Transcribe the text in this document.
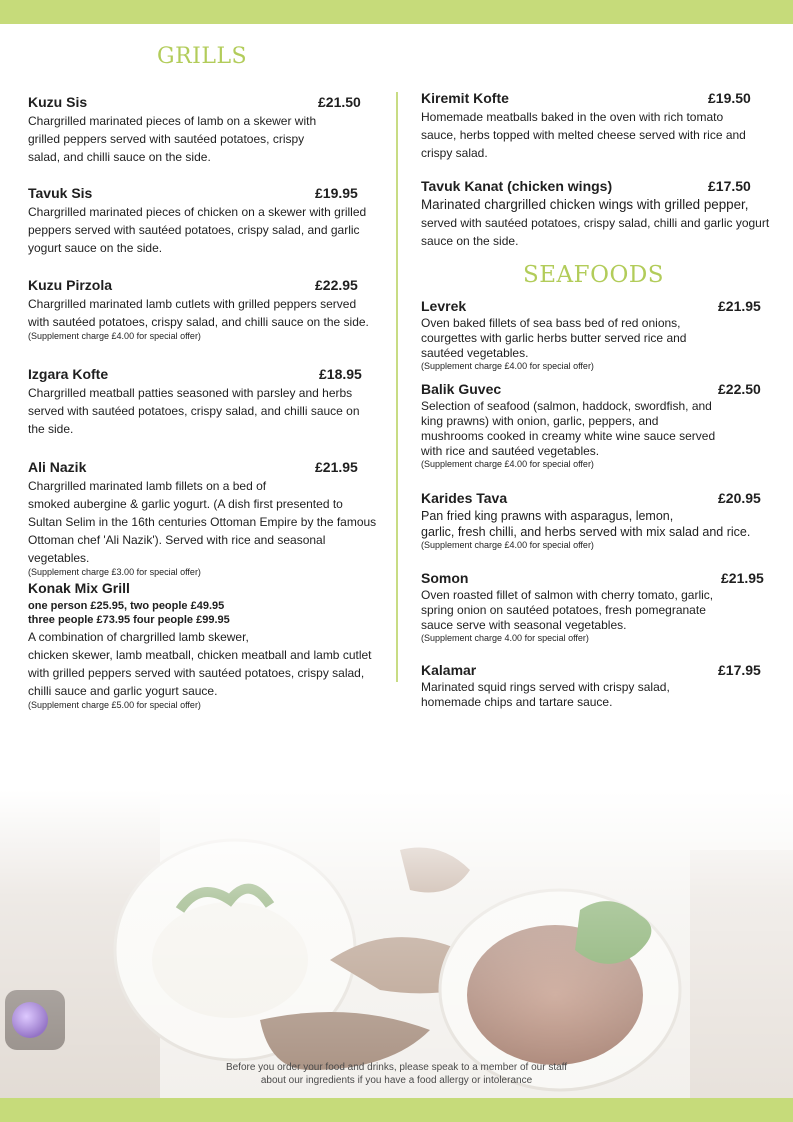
GRILLS
Kuzu Sis	£21.50
Chargrilled marinated pieces of lamb on a skewer with
grilled peppers served with sautéed potatoes, crispy
salad, and chilli sauce on the side.
Tavuk Sis	£19.95
Chargrilled marinated pieces of chicken on a skewer with grilled
peppers served with sautéed potatoes, crispy salad, and garlic
yogurt sauce on the side.
Kuzu Pirzola	£22.95
Chargrilled marinated lamb cutlets with grilled peppers served
with sautéed potatoes, crispy salad, and chilli sauce on the side.
(Supplement charge £4.00 for special offer)
Izgara Kofte	£18.95
Chargrilled meatball patties seasoned with parsley and herbs
served with sautéed potatoes, crispy salad, and chilli sauce on
the side.
Ali Nazik	£21.95
Chargrilled marinated lamb fillets on a bed of
smoked aubergine & garlic yogurt. (A dish first presented to
Sultan Selim in the 16th centuries Ottoman Empire by the famous
Ottoman chef 'Ali Nazik'). Served with rice and seasonal vegetables.
(Supplement charge £3.00 for special offer)
Konak Mix Grill
one person £25.95, two people £49.95
three people £73.95 four people £99.95
A combination of chargrilled lamb skewer,
chicken skewer, lamb meatball, chicken meatball and lamb cutlet
with grilled peppers served with sautéed potatoes, crispy salad,
chilli sauce and garlic yogurt sauce.
(Supplement charge £5.00 for special offer)
Kiremit Kofte	£19.50
Homemade meatballs baked in the oven with rich tomato
sauce, herbs topped with melted cheese served with rice and
crispy salad.
Tavuk Kanat (chicken wings)	£17.50
Marinated chargrilled chicken wings with grilled pepper,
served with sautéed potatoes, crispy salad, chilli and garlic yogurt
sauce on the side.
SEAFOODS
Levrek	£21.95
Oven baked fillets of sea bass bed of red onions,
courgettes with garlic herbs butter served rice and
sautéed vegetables.
(Supplement charge £4.00 for special offer)
Balik Guvec	£22.50
Selection of seafood (salmon, haddock, swordfish, and
king prawns) with onion, garlic, peppers, and
mushrooms cooked in creamy white wine sauce served
with rice and sautéed vegetables.
(Supplement charge £4.00 for special offer)
Karides Tava	£20.95
Pan fried king prawns with asparagus, lemon,
garlic, fresh chilli, and herbs served with mix salad and rice.
(Supplement charge £4.00 for special offer)
Somon	£21.95
Oven roasted fillet of salmon with cherry tomato, garlic,
spring onion on sautéed potatoes, fresh pomegranate
sauce serve with seasonal vegetables.
(Supplement charge 4.00 for special offer)
Kalamar	£17.95
Marinated squid rings served with crispy salad,
homemade chips and tartare sauce.
Before you order your food and drinks, please speak to a member of our staff
about our ingredients if you have a food allergy or intolerance
